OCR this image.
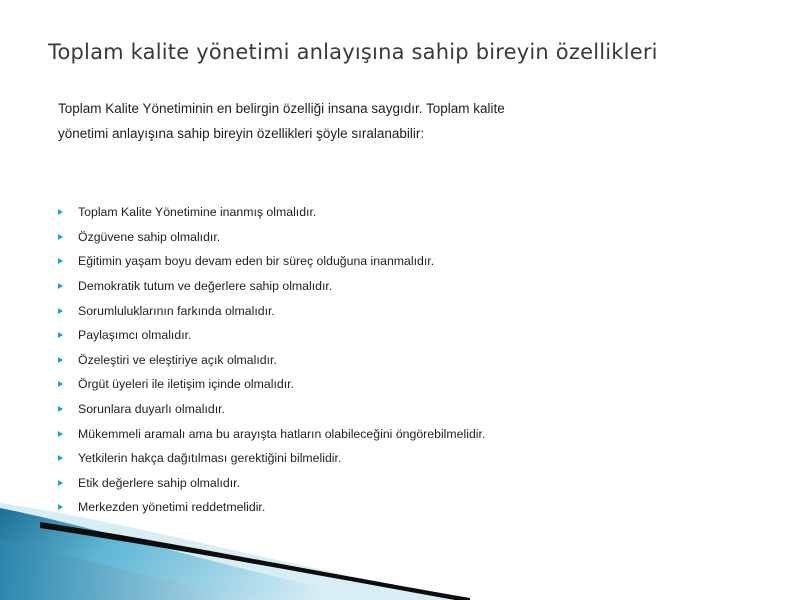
Toplam kalite yönetimi anlayışına sahip bireyin özellikleri
Toplam Kalite Yönetiminin en belirgin özelliği insana saygıdır. Toplam kalite
yönetimi anlayışına sahip bireyin özellikleri şöyle sıralanabilir:
Toplam Kalite Yönetimine inanmış olmalıdır.
Özgüvene sahip olmalıdır.
Eğitimin yaşam boyu devam eden bir süreç olduğuna inanmalıdır.
Demokratik tutum ve değerlere sahip olmalıdır.
Sorumluluklarının farkında olmalıdır.
Paylaşımcı olmalıdır.
Özeleştiri ve eleştiriye açık olmalıdır.
Örgüt üyeleri ile iletişim içinde olmalıdır.
Sorunlara duyarlı olmalıdır.
Mükemmeli aramalı ama bu arayışta hatların olabileceğini öngörebilmelidir.
Yetkilerin hakça dağıtılması gerektiğini bilmelidir.
Etik değerlere sahip olmalıdır.
Merkezden yönetimi reddetmelidir.
